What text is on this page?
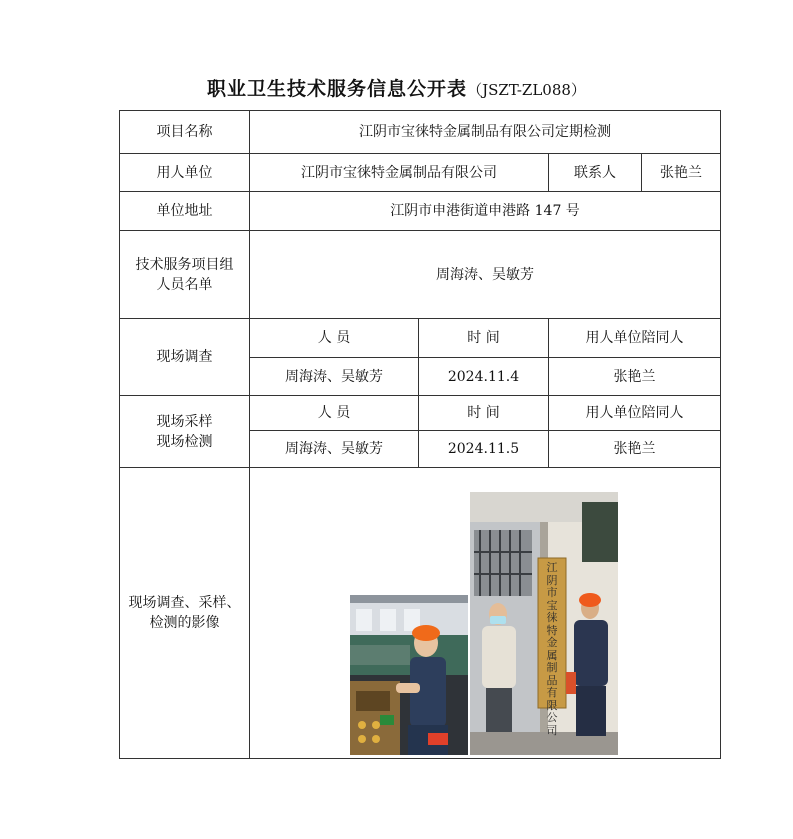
职业卫生技术服务信息公开表（JSZT-ZL088）
项目名称	江阴市宝徕特金属制品有限公司定期检测			
用人单位	江阴市宝徕特金属制品有限公司		联系人	张艳兰
单位地址	江阴市申港街道申港路 147 号			

技术服务项目组
人员名单	周海涛、吴敏芳			
现场调查	人 员	时 间	用人单位陪同人	
	周海涛、吴敏芳	2024.11.4	张艳兰	

现场采样
现场检测	人 员	时 间	用人单位陪同人	
	周海涛、吴敏芳	2024.11.5	张艳兰	

现场调查、采样、
检测的影像	江阴市宝徕特金属制品有限公司			
